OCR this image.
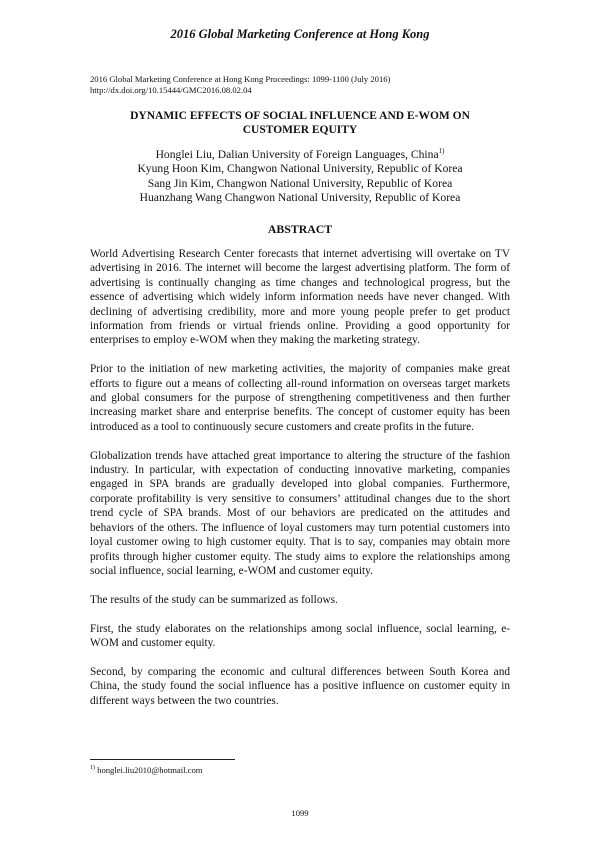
2016 Global Marketing Conference at Hong Kong
2016 Global Marketing Conference at Hong Kong Proceedings: 1099-1100 (July 2016)
http://dx.doi.org/10.15444/GMC2016.08.02.04
DYNAMIC EFFECTS OF SOCIAL INFLUENCE AND E-WOM ON
CUSTOMER EQUITY
Honglei Liu, Dalian University of Foreign Languages, China$^{1)}$
Kyung Hoon Kim, Changwon National University, Republic of Korea
Sang Jin Kim, Changwon National University, Republic of Korea
Huanzhang Wang Changwon National University, Republic of Korea
ABSTRACT

World Advertising Research Center forecasts that internet advertising will overtake on TV advertising in 2016. The internet will become the largest advertising platform. The form of advertising is continually changing as time changes and technological progress, but the essence of advertising which widely inform information needs have never changed. With declining of advertising credibility, more and more young people prefer to get product information from friends or virtual friends online. Providing a good opportunity for enterprises to employ e-WOM when they making the marketing strategy.

Prior to the initiation of new marketing activities, the majority of companies make great efforts to figure out a means of collecting all-round information on overseas target markets and global consumers for the purpose of strengthening competitiveness and then further increasing market share and enterprise benefits. The concept of customer equity has been introduced as a tool to continuously secure customers and create profits in the future.

Globalization trends have attached great importance to altering the structure of the fashion industry. In particular, with expectation of conducting innovative marketing, companies engaged in SPA brands are gradually developed into global companies. Furthermore, corporate profitability is very sensitive to consumers’ attitudinal changes due to the short trend cycle of SPA brands. Most of our behaviors are predicated on the attitudes and behaviors of the others. The influence of loyal customers may turn potential customers into loyal customer owing to high customer equity. That is to say, companies may obtain more profits through higher customer equity. The study aims to explore the relationships among social influence, social learning, e-WOM and customer equity.

The results of the study can be summarized as follows.

First, the study elaborates on the relationships among social influence, social learning, e-WOM and customer equity.

Second, by comparing the economic and cultural differences between South Korea and China, the study found the social influence has a positive influence on customer equity in different ways between the two countries.

$^{1)}$ honglei.liu2010@hotmail.com
1099
